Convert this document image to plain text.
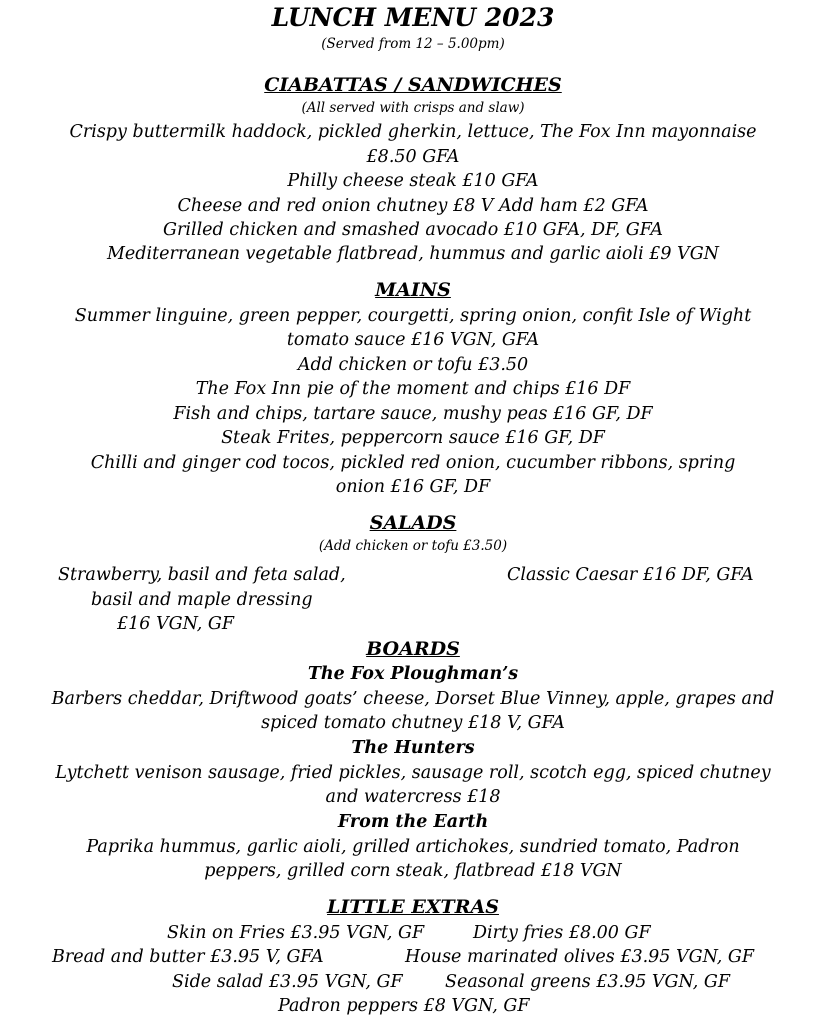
LUNCH MENU 2023
(Served from 12 – 5.00pm)
CIABATTAS / SANDWICHES
(All served with crisps and slaw)
Crispy buttermilk haddock, pickled gherkin, lettuce, The Fox Inn mayonnaise
£8.50 GFA
Philly cheese steak £10 GFA
Cheese and red onion chutney £8 V Add ham £2 GFA
Grilled chicken and smashed avocado £10 GFA, DF, GFA
Mediterranean vegetable flatbread, hummus and garlic aioli £9 VGN
MAINS
Summer linguine, green pepper, courgetti, spring onion, confit Isle of Wight
tomato sauce £16 VGN, GFA
Add chicken or tofu £3.50
The Fox Inn pie of the moment and chips £16 DF
Fish and chips, tartare sauce, mushy peas £16 GF, DF
Steak Frites, peppercorn sauce £16 GF, DF
Chilli and ginger cod tocos, pickled red onion, cucumber ribbons, spring
onion £16 GF, DF
SALADS
(Add chicken or tofu £3.50)
Strawberry, basil and feta salad,
basil and maple dressing
£16 VGN, GF
Classic Caesar £16 DF, GFA
BOARDS
The Fox Ploughman’s
Barbers cheddar, Driftwood goats’ cheese, Dorset Blue Vinney, apple, grapes and
spiced tomato chutney £18 V, GFA
The Hunters
Lytchett venison sausage, fried pickles, sausage roll, scotch egg, spiced chutney
and watercress £18
From the Earth
Paprika hummus, garlic aioli, grilled artichokes, sundried tomato, Padron
peppers, grilled corn steak, flatbread £18 VGN
LITTLE EXTRAS
Skin on Fries £3.95 VGN, GF	Dirty fries £8.00 GF
Bread and butter £3.95 V, GFA	House marinated olives £3.95 VGN, GF
Side salad £3.95 VGN, GF Seasonal greens £3.95 VGN, GF
Padron peppers £8 VGN, GF
